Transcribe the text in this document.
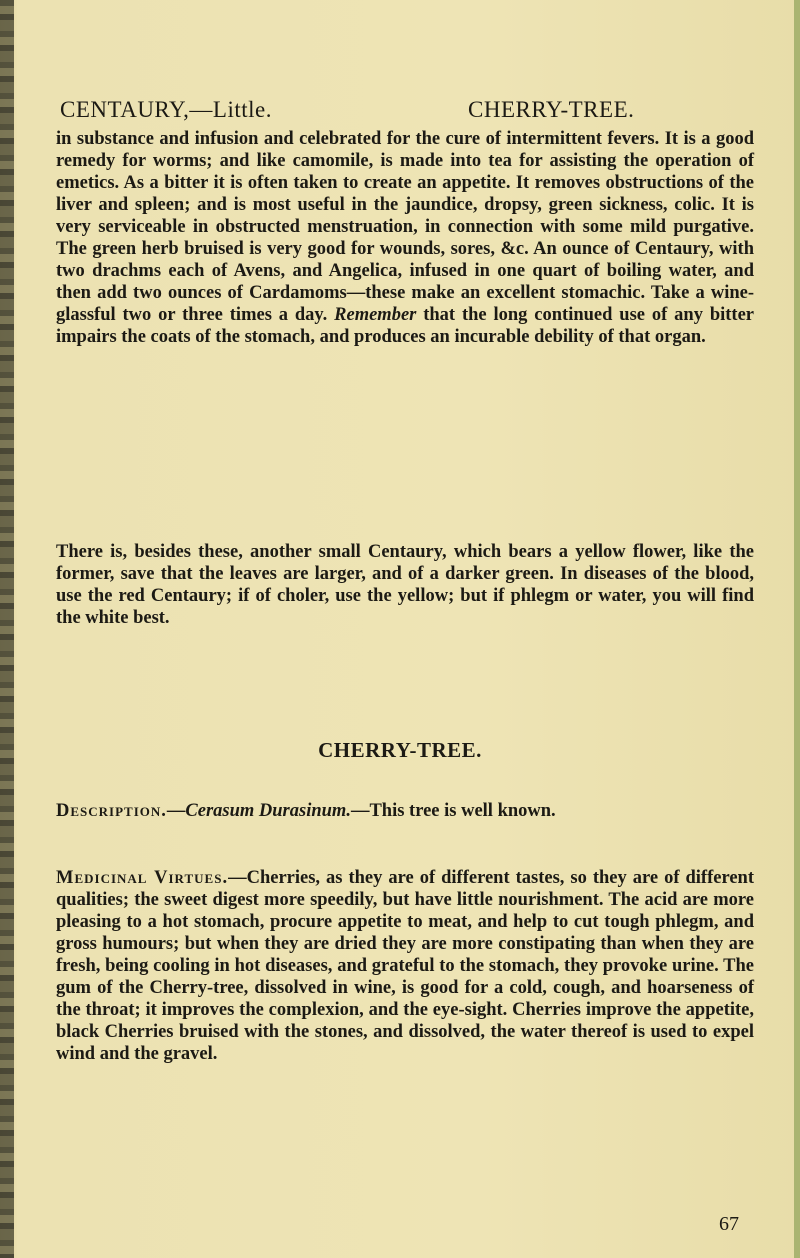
CENTAURY,—Little.	CHERRY-TREE.

in substance and infusion and celebrated for the cure of intermittent fevers. It is a good remedy for worms; and like camomile, is made into tea for assisting the operation of emetics. As a bitter it is often taken to create an appetite. It removes obstructions of the liver and spleen; and is most useful in the jaundice, dropsy, green sickness, colic. It is very serviceable in obstructed menstruation, in connection with some mild purgative. The green herb bruised is very good for wounds, sores, &c. An ounce of Centaury, with two drachms each of Avens, and Angelica, infused in one quart of boiling water, and then add two ounces of Cardamoms—these make an excellent stomachic. Take a wine-glassful two or three times a day. Remember that the long continued use of any bitter impairs the coats of the stomach, and produces an incurable debility of that organ.

There is, besides these, another small Centaury, which bears a yellow flower, like the former, save that the leaves are larger, and of a darker green. In diseases of the blood, use the red Centaury; if of choler, use the yellow; but if phlegm or water, you will find the white best.

CHERRY-TREE.

Description.—Cerasum Durasinum.—This tree is well known.

Medicinal Virtues.—Cherries, as they are of different tastes, so they are of different qualities; the sweet digest more speedily, but have little nourishment. The acid are more pleasing to a hot stomach, procure appetite to meat, and help to cut tough phlegm, and gross humours; but when they are dried they are more constipating than when they are fresh, being cooling in hot diseases, and grateful to the stomach, they provoke urine. The gum of the Cherry-tree, dissolved in wine, is good for a cold, cough, and hoarseness of the throat; it improves the complexion, and the eye-sight. Cherries improve the appetite, black Cherries bruised with the stones, and dissolved, the water thereof is used to expel wind and the gravel.

67
